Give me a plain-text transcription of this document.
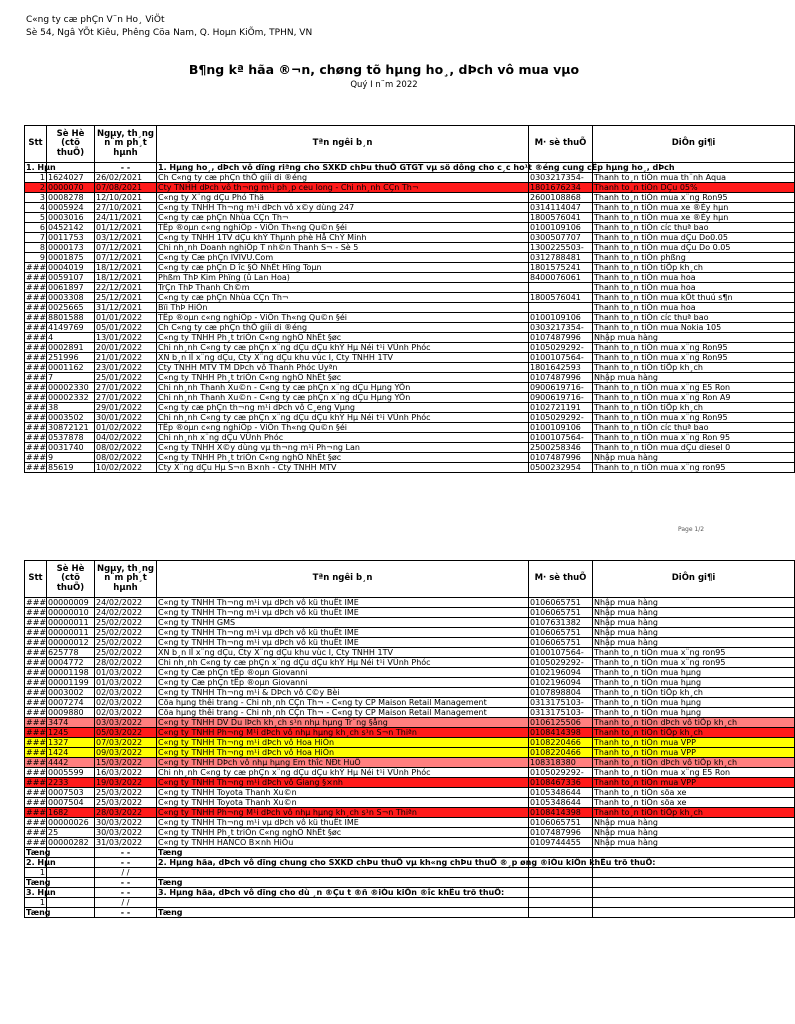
C«ng ty cæ phÇn V¨n Ho¸ ViÖt
Sè 54, Ngâ YÕt Kiêu, Phêng Cöa Nam, Q. Hoµn KiÕm, TPHN, VN
B¶ng kª hãa ®¬n, chøng tõ hµng ho¸, dÞch vô mua vµo
Quý I n¨m 2022
Stt	Sè Hè (ctõ thuÕ)	Ngµy, th¸ng n¨m ph¸t hµnh	Tªn ngêi b¸n	M· sè thuÕ	DiÔn gi¶i
1. Hµn		- -	1. Hµng ho¸, dÞch vô dïng riªng cho SXKD chÞu thuÕ GTGT vµ sö dông cho c¸c ho¹t ®éng cung cÊp hµng ho¸, dÞch		
1	1624027	26/02/2021	Ch C«ng ty cæ phÇn thÕ giíi di ®éng	0303217354-	Thanh to¸n tiÒn mua th¨nh Aqua
2	0000070	07/08/2021	Cty TNHH dÞch vô th¬ng m¹i ph¸p ceu long - Chi nh¸nh CÇn Th¬	1801676234	Thanh to¸n tiÒn DÇu 05%
3	0008278	12/10/2021	C«ng ty X¨ng dÇu Phó Thä	2600108868	Thanh to¸n tiÒn mua x¨ng Ron95
4	0005924	27/10/2021	C«ng ty TNHH Th¬ng m¹i dÞch vô x©y dùng 247	0314114047	Thanh to¸n tiÒn mua xe ®Èy hµn
5	0003016	24/11/2021	C«ng ty cæ phÇn Nhùa CÇn Th¬	1800576041	Thanh to¸n tiÒn mua xe ®Èy hµn
6	0452142	01/12/2021	TËp ®oµn c«ng nghiÖp - ViÔn Th«ng Qu©n §éi	0100109106	Thanh to¸n tiÒn cíc thuª bao
7	0011753	03/12/2021	C«ng ty TNHH 1TV dÇu khÝ Thµnh phè Hå ChÝ Minh	0300507707	Thanh to¸n tiÒn mua dÇu Do0.05
8	0000173	07/12/2021	Chi nh¸nh Doanh nghiÖp T nh©n Thanh S¬ - Sè 5	1300225503-	Thanh to¸n tiÒn mua dÇu Do 0.05
9	0001875	07/12/2021	C«ng ty Cæ phÇn IVIVU.Com	0312788481	Thanh to¸n tiÒn phßng
###	0004019	18/12/2021	C«ng ty cæ phÇn D îc §Ò NhÊt Hïng Toµn	1801575241	Thanh to¸n tiÒn tiÕp kh¸ch
###	0059107	18/12/2021	Phßm ThÞ Kim Phïng (û Lan Hoa)	8400076061	Thanh to¸n tiÒn mua hoa
###	0061897	22/12/2021	TrÇn ThÞ Thanh Ch©m		Thanh to¸n tiÒn mua hoa
###	0003308	25/12/2021	C«ng ty cæ phÇn Nhùa CÇn Th¬	1800576041	Thanh to¸n tiÒn mua kÕt thuú s¶n
###	0025665	31/12/2021	Bïi ThÞ HiÒn		Thanh to¸n tiÒn mua hoa
###	8801588	01/01/2022	TËp ®oµn c«ng nghiÖp - ViÔn Th«ng Qu©n §éi	0100109106	Thanh to¸n tiÒn cíc thuª bao
###	4149769	05/01/2022	Ch C«ng ty cæ phÇn thÕ giíi di ®éng	0303217354-	Thanh to¸n tiÒn mua Nokia 105
###	4	13/01/2022	C«ng ty TNHH Ph¸t triÓn C«ng nghÖ NhÊt §øc	0107487996	Nhập mua hàng
###	0002891	20/01/2022	Chi nh¸nh C«ng ty cæ phÇn x¨ng dÇu dÇu khÝ Hµ Néi t¹i VÜnh Phóc	0105029292-	Thanh to¸n tiÒn mua x¨ng Ron95
###	251996	21/01/2022	XN b¸n lÎ x¨ng dÇu, Cty X¨ng dÇu khu vùc I, Cty TNHH 1TV	0100107564-	Thanh to¸n tiÒn mua x¨ng Ron95
###	0001162	23/01/2022	Cty TNHH MTV TM DÞch vô Thanh Phóc Uyªn	1801642593	Thanh to¸n tiÒn tiÕp kh¸ch
###	7	25/01/2022	C«ng ty TNHH Ph¸t triÓn C«ng nghÖ NhÊt §øc	0107487996	Nhập mua hàng
###	00002330	27/01/2022	Chi nh¸nh Thanh Xu©n - C«ng ty cæ phÇn x¨ng dÇu Hµng YÕn	0900619716-	Thanh to¸n tiÒn mua x¨ng E5 Ron
###	00002332	27/01/2022	Chi nh¸nh Thanh Xu©n - C«ng ty cæ phÇn x¨ng dÇu Hµng YÕn	0900619716-	Thanh to¸n tiÒn mua x¨ng Ron A9
###	38	29/01/2022	C«ng ty cæ phÇn th¬ng m¹i dÞch vô C¸eng Vµng	0102721191	Thanh to¸n tiÒn tiÕp kh¸ch
###	0003502	30/01/2022	Chi nh¸nh C«ng ty cæ phÇn x¨ng dÇu dÇu khÝ Hµ Néi t¹i VÜnh Phóc	0105029292-	Thanh to¸n tiÒn mua x¨ng Ron95
###	30872121	01/02/2022	TËp ®oµn c«ng nghiÖp - ViÔn Th«ng Qu©n §éi	0100109106	Thanh to¸n tiÒn cíc thuª bao
###	0537878	04/02/2022	Chi nh¸nh x¨ng dÇu VÜnh Phóc	0100107564-	Thanh to¸n tiÒn mua x¨ng Ron 95
###	0031740	08/02/2022	C«ng ty TNHH X©y dùng vµ th¬ng m¹i Ph¬ng Lan	2500258346	Thanh to¸n tiÒn mua dÇu diesel 0
###	9	08/02/2022	C«ng ty TNHH Ph¸t triÓn C«ng nghÖ NhÊt §øc	0107487996	Nhập mua hàng
###	85619	10/02/2022	Cty X¨ng dÇu Hµ S¬n B×nh - Cty TNHH MTV	0500232954	Thanh to¸n tiÒn mua x¨ng ron95
Page 1/2
Stt	Sè Hè (ctõ thuÕ)	Ngµy, th¸ng n¨m ph¸t hµnh	Tªn ngêi b¸n	M· sè thuÕ	DiÔn gi¶i
###	00000009	24/02/2022	C«ng ty TNHH Th¬ng m¹i vµ dÞch vô kü thuËt IME	0106065751	Nhập mua hàng
###	00000010	24/02/2022	C«ng ty TNHH Th¬ng m¹i vµ dÞch vô kü thuËt IME	0106065751	Nhập mua hàng
###	00000011	25/02/2022	C«ng ty TNHH GMS	0107631382	Nhập mua hàng
###	00000011	25/02/2022	C«ng ty TNHH Th¬ng m¹i vµ dÞch vô kü thuËt IME	0106065751	Nhập mua hàng
###	00000012	25/02/2022	C«ng ty TNHH Th¬ng m¹i vµ dÞch vô kü thuËt IME	0106065751	Nhập mua hàng
###	625778	25/02/2022	XN b¸n lÎ x¨ng dÇu, Cty X¨ng dÇu khu vùc I, Cty TNHH 1TV	0100107564-	Thanh to¸n tiÒn mua x¨ng ron95
###	0004772	28/02/2022	Chi nh¸nh C«ng ty cæ phÇn x¨ng dÇu dÇu khÝ Hµ Néi t¹i VÜnh Phóc	0105029292-	Thanh to¸n tiÒn mua x¨ng ron95
###	00001198	01/03/2022	C«ng ty Cæ phÇn tËp ®oµn Giovanni	0102196094	Thanh to¸n tiÒn mua hµng
###	00001199	01/03/2022	C«ng ty Cæ phÇn tËp ®oµn Giovanni	0102196094	Thanh to¸n tiÒn mua hµng
###	0003002	02/03/2022	C«ng ty TNHH Th¬ng m¹i & DÞch vô C©y Bèi	0107898804	Thanh to¸n tiÒn tiÕp kh¸ch
###	0007274	02/03/2022	Cöa hµng thêi trang - Chi nh¸nh CÇn Th¬ - C«ng ty CP Maison Retail Management	0313175103-	Thanh to¸n tiÒn mua hµng
###	0009880	02/03/2022	Cöa hµng thêi trang - Chi nh¸nh CÇn Th¬ - C«ng ty CP Maison Retail Management	0313175103-	Thanh to¸n tiÒn mua hµng
###	3474	03/03/2022	C«ng ty TNHH DV Du lÞch kh¸ch s¹n nhµ hµng Tr¨ng §ång	0106125506	Thanh to¸n tiÒn dÞch vô tiÕp kh¸ch
###	1245	05/03/2022	C«ng ty TNHH Ph¬ng M¹i dÞch vô nhµ hµng kh¸ch s¹n S¬n Thiªn	0108414398	Thanh to¸n tiÒn tiÕp kh¸ch
###	1327	07/03/2022	C«ng ty TNHH Th¬ng m¹i dÞch vô Hoa HiÒn	0108220466	Thanh to¸n tiÒn mua VPP
###	1424	09/03/2022	C«ng ty TNHH Th¬ng m¹i dÞch vô Hoa HiÒn	0108220466	Thanh to¸n tiÒn mua VPP
###	4442	15/03/2022	C«ng ty TNHH DÞch vô nhµ hµng Em thîc NÐt HuÕ	108318380	Thanh to¸n tiÒn dÞch vô tiÕp kh¸ch
###	0005599	16/03/2022	Chi nh¸nh C«ng ty cæ phÇn x¨ng dÇu dÇu khÝ Hµ Néi t¹i VÜnh Phóc	0105029292-	Thanh to¸n tiÒn mua x¨ng E5 Ron
###	2233	19/03/2022	C«ng ty TNHH Th¬ng m¹i dÞch vô Giang §×nh	0108467336	Thanh to¸n tiÒn mua VPP
###	0007503	25/03/2022	C«ng ty TNHH Toyota Thanh Xu©n	0105348644	Thanh to¸n tiÒn söa xe
###	0007504	25/03/2022	C«ng ty TNHH Toyota Thanh Xu©n	0105348644	Thanh to¸n tiÒn söa xe
###	1682	28/03/2022	C«ng ty TNHH Ph¬ng M¹i dÞch vô nhµ hµng kh¸ch s¹n S¬n Thiªn	0108414398	Thanh to¸n tiÒn tiÕp kh¸ch
###	00000026	30/03/2022	C«ng ty TNHH Th¬ng m¹i vµ dÞch vô kü thuËt IME	0106065751	Nhập mua hàng
###	25	30/03/2022	C«ng ty TNHH Ph¸t triÓn C«ng nghÖ NhÊt §øc	0107487996	Nhập mua hàng
###	00000282	31/03/2022	C«ng ty TNHH HANCO B×nh HiÒu	0109744455	Nhập mua hàng
Tæng		- -	Tæng		
2. Hµn		- -	2. Hµng hãa, dÞch vô dïng chung cho SXKD chÞu thuÕ vµ kh«ng chÞu thuÕ ®¸p øng ®iÒu kiÖn khÊu trõ thuÕ:		
1		/ /			
Tæng		- -	Tæng		
3. Hµn		- -	3. Hµng hãa, dÞch vô dïng cho dù ¸n ®Çu t ®ñ ®iÒu kiÖn ®îc khÊu trõ thuÕ:		
1		/ /			
Tæng		- -	Tæng		
